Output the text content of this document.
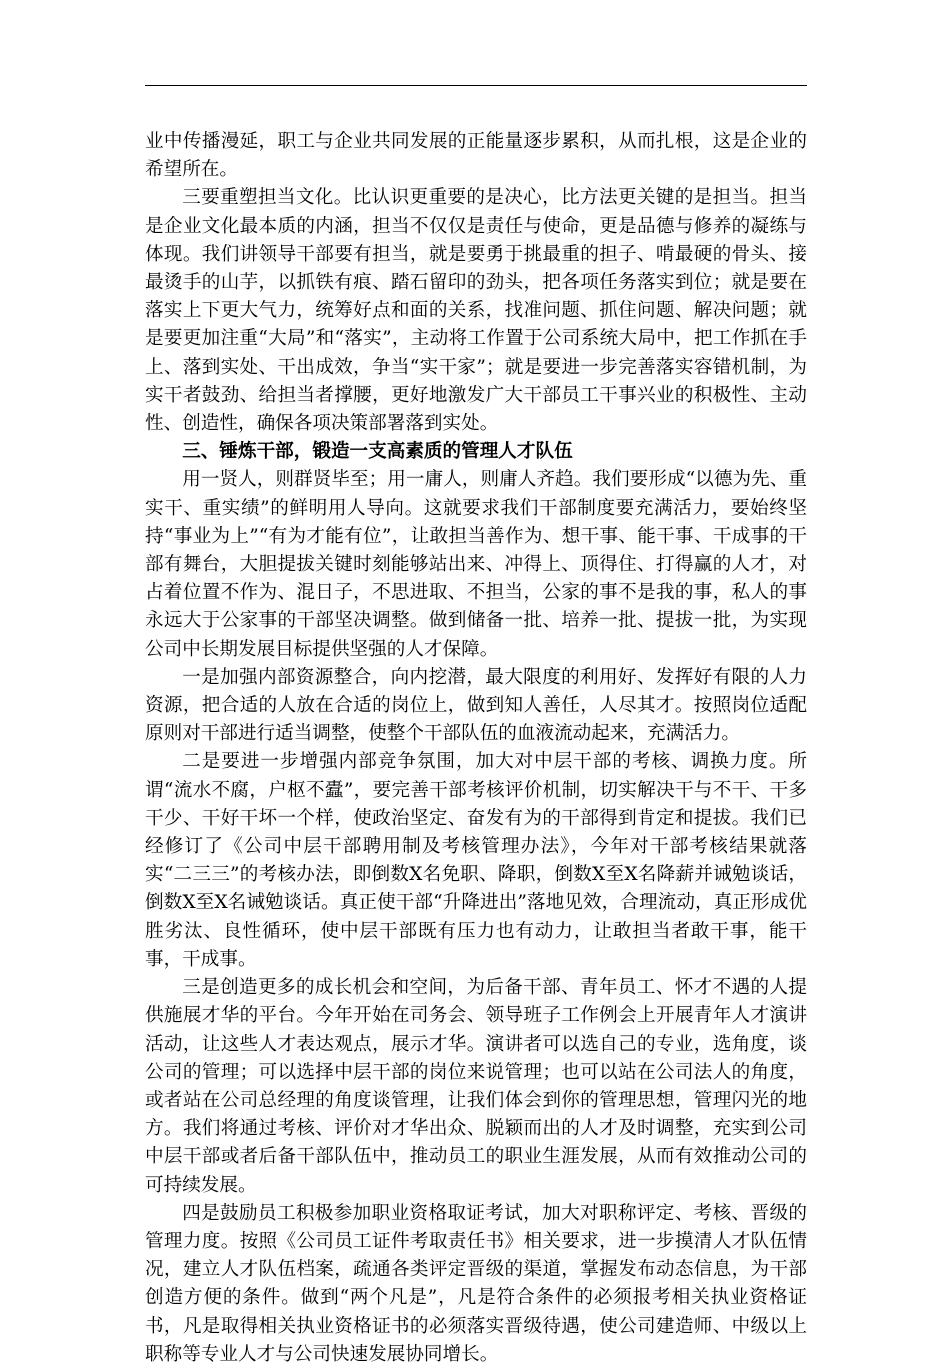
业中传播漫延，职工与企业共同发展的正能量逐步累积，从而扎根，这是企业的希望所在。

三要重塑担当文化。比认识更重要的是决心，比方法更关键的是担当。担当是企业文化最本质的内涵，担当不仅仅是责任与使命，更是品德与修养的凝练与体现。我们讲领导干部要有担当，就是要勇于挑最重的担子、啃最硬的骨头、接最烫手的山芋，以抓铁有痕、踏石留印的劲头，把各项任务落实到位；就是要在落实上下更大气力，统筹好点和面的关系，找准问题、抓住问题、解决问题；就是要更加注重“大局”和“落实”，主动将工作置于公司系统大局中，把工作抓在手上、落到实处、干出成效，争当“实干家”；就是要进一步完善落实容错机制，为实干者鼓劲、给担当者撑腰，更好地激发广大干部员工干事兴业的积极性、主动性、创造性，确保各项决策部署落到实处。

三、锤炼干部，锻造一支高素质的管理人才队伍

用一贤人，则群贤毕至；用一庸人，则庸人齐趋。我们要形成“以德为先、重实干、重实绩”的鲜明用人导向。这就要求我们干部制度要充满活力，要始终坚持“事业为上”“有为才能有位”，让敢担当善作为、想干事、能干事、干成事的干部有舞台，大胆提拔关键时刻能够站出来、冲得上、顶得住、打得赢的人才，对占着位置不作为、混日子，不思进取、不担当，公家的事不是我的事，私人的事永远大于公家事的干部坚决调整。做到储备一批、培养一批、提拔一批，为实现公司中长期发展目标提供坚强的人才保障。

一是加强内部资源整合，向内挖潜，最大限度的利用好、发挥好有限的人力资源，把合适的人放在合适的岗位上，做到知人善任，人尽其才。按照岗位适配原则对干部进行适当调整，使整个干部队伍的血液流动起来，充满活力。

二是要进一步增强内部竞争氛围，加大对中层干部的考核、调换力度。所谓“流水不腐，户枢不蠹”，要完善干部考核评价机制，切实解决干与不干、干多干少、干好干坏一个样，使政治坚定、奋发有为的干部得到肯定和提拔。我们已经修订了《公司中层干部聘用制及考核管理办法》，今年对干部考核结果就落实“二三三”的考核办法，即倒数X名免职、降职，倒数X至X名降薪并诫勉谈话，倒数X至X名诫勉谈话。真正使干部“升降进出”落地见效，合理流动，真正形成优胜劣汰、良性循环，使中层干部既有压力也有动力，让敢担当者敢干事，能干事，干成事。

三是创造更多的成长机会和空间，为后备干部、青年员工、怀才不遇的人提供施展才华的平台。今年开始在司务会、领导班子工作例会上开展青年人才演讲活动，让这些人才表达观点，展示才华。演讲者可以选自己的专业，选角度，谈公司的管理；可以选择中层干部的岗位来说管理；也可以站在公司法人的角度，或者站在公司总经理的角度谈管理，让我们体会到你的管理思想，管理闪光的地方。我们将通过考核、评价对才华出众、脱颖而出的人才及时调整，充实到公司中层干部或者后备干部队伍中，推动员工的职业生涯发展，从而有效推动公司的可持续发展。

四是鼓励员工积极参加职业资格取证考试，加大对职称评定、考核、晋级的管理力度。按照《公司员工证件考取责任书》相关要求，进一步摸清人才队伍情况，建立人才队伍档案，疏通各类评定晋级的渠道，掌握发布动态信息，为干部创造方便的条件。做到“两个凡是”，凡是符合条件的必须报考相关执业资格证书，凡是取得相关执业资格证书的必须落实晋级待遇，使公司建造师、中级以上职称等专业人才与公司快速发展协同增长。
